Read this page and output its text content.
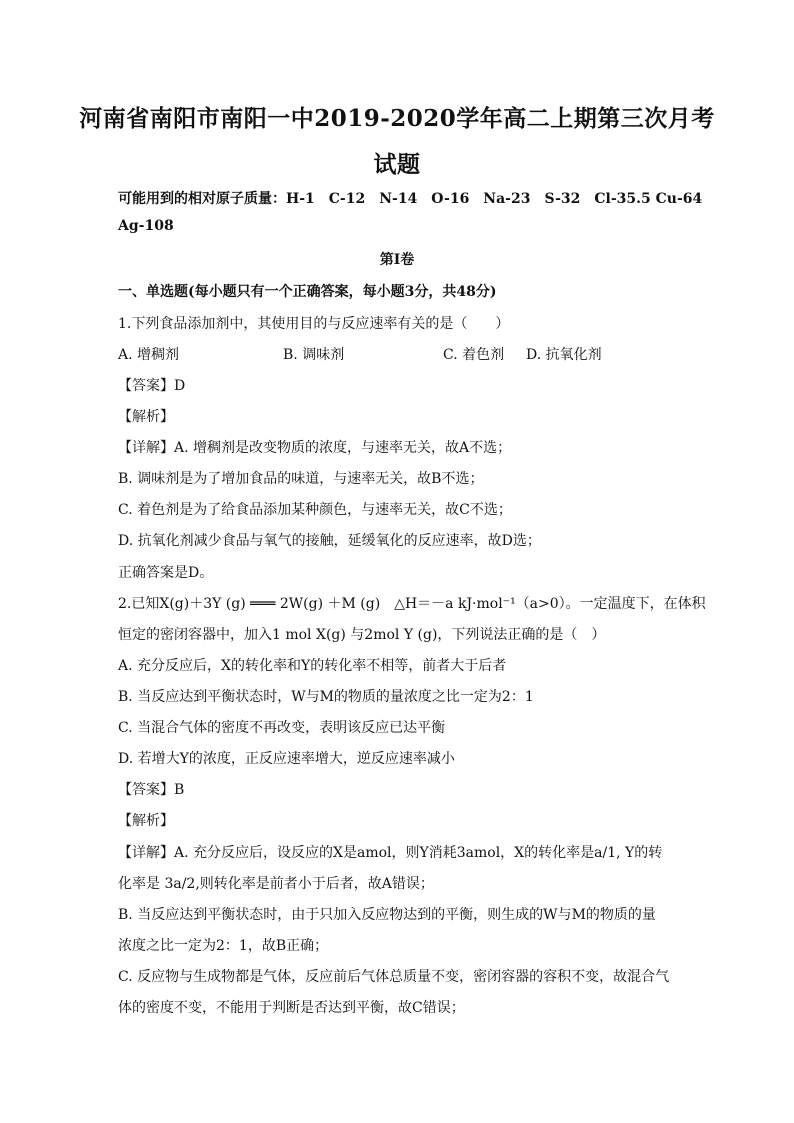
河南省南阳市南阳一中2019-2020学年高二上期第三次月考
试题
可能用到的相对原子质量：H-1　C-12　N-14　O-16　Na-23　S-32　Cl-35.5 Cu-64
Ag-108
第Ⅰ卷
一、单选题(每小题只有一个正确答案，每小题3分，共48分)
1.下列食品添加剂中，其使用目的与反应速率有关的是（　　）
A. 增稠剂	B. 调味剂	C. 着色剂 D. 抗氧化剂
【答案】D
【解析】
【详解】A. 增稠剂是改变物质的浓度，与速率无关，故A不选；
B. 调味剂是为了增加食品的味道，与速率无关，故B不选；
C. 着色剂是为了给食品添加某种颜色，与速率无关，故C不选；
D. 抗氧化剂减少食品与氧气的接触，延缓氧化的反应速率，故D选；
正确答案是D。
2.已知X(g)＋3Y (g) ═══ 2W(g) ＋M (g)　△H＝－a kJ·mol⁻¹（a>0）。一定温度下，在体积
恒定的密闭容器中，加入1 mol X(g) 与2mol Y (g)，下列说法正确的是（　）
A. 充分反应后，X的转化率和Y的转化率不相等，前者大于后者
B. 当反应达到平衡状态时，W与M的物质的量浓度之比一定为2：1
C. 当混合气体的密度不再改变，表明该反应已达平衡
D. 若增大Y的浓度，正反应速率增大，逆反应速率减小
【答案】B
【解析】
【详解】A. 充分反应后，设反应的X是amol，则Y消耗3amol，X的转化率是a/1, Y的转
化率是 3a/2,则转化率是前者小于后者，故A错误；
B. 当反应达到平衡状态时，由于只加入反应物达到的平衡，则生成的W与M的物质的量
浓度之比一定为2：1，故B正确；
C. 反应物与生成物都是气体，反应前后气体总质量不变，密闭容器的容积不变，故混合气
体的密度不变，不能用于判断是否达到平衡，故C错误；
